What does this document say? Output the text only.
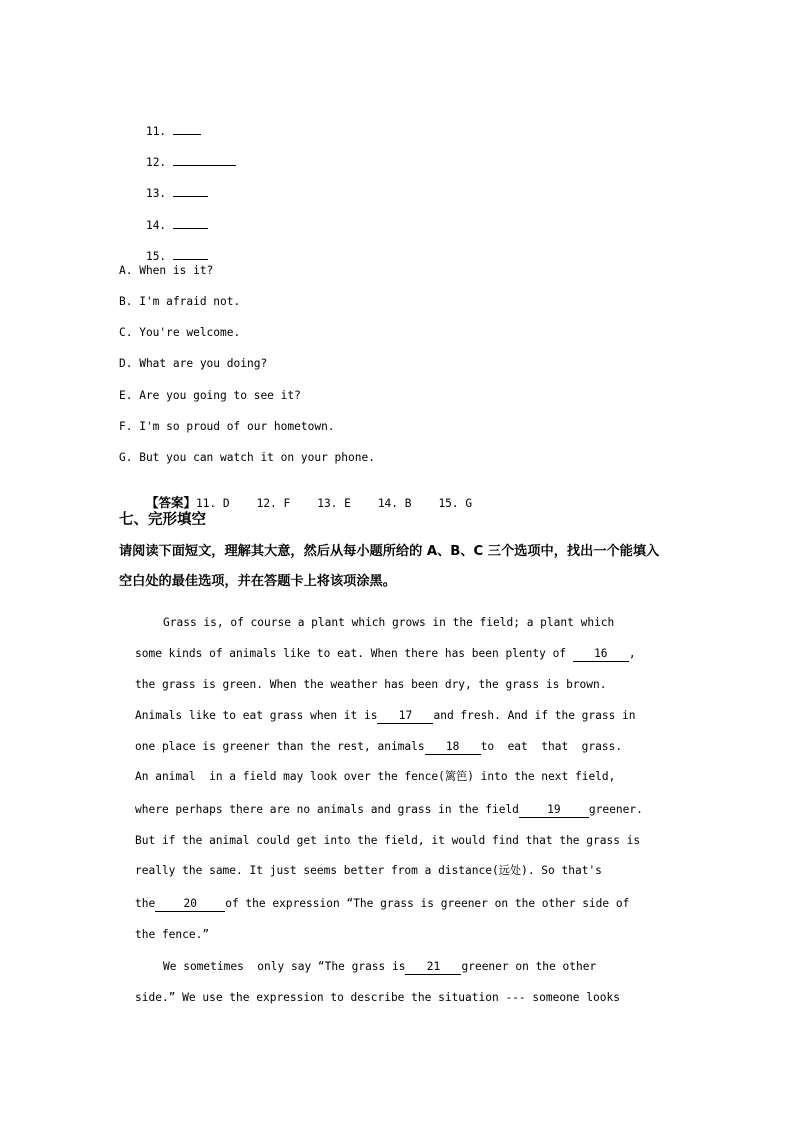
11.

12.

13.

14.

15.

A. When is it?
B. I'm afraid not.
C. You're welcome.
D. What are you doing?
E. Are you going to see it?
F. I'm so proud of our hometown.
G. But you can watch it on your phone.

【答案】11. D    12. F    13. E    14. B    15. G

七、完形填空
请阅读下面短文，理解其大意，然后从每小题所给的 A、B、C 三个选项中，找出一个能填入
空白处的最佳选项，并在答题卡上将该项涂黑。
Grass is, of course a plant which grows in the field; a plant which
some kinds of animals like to eat. When there has been plenty of 16 ,
the grass is green. When the weather has been dry, the grass is brown.
Animals like to eat grass when it is 17 and fresh. And if the grass in
one place is greener than the rest, animals 18 to  eat  that  grass.
An animal  in a field may look over the fence(篱笆) into the next field,
where perhaps there are no animals and grass in the field	19	greener.
But if the animal could get into the field, it would find that the grass is
really the same. It just seems better from a distance(远处). So that's
the	20	of the expression “The grass is greener on the other side of
the fence.”
We sometimes  only say “The grass is 21 greener on the other
side.” We use the expression to describe the situation --- someone looks
